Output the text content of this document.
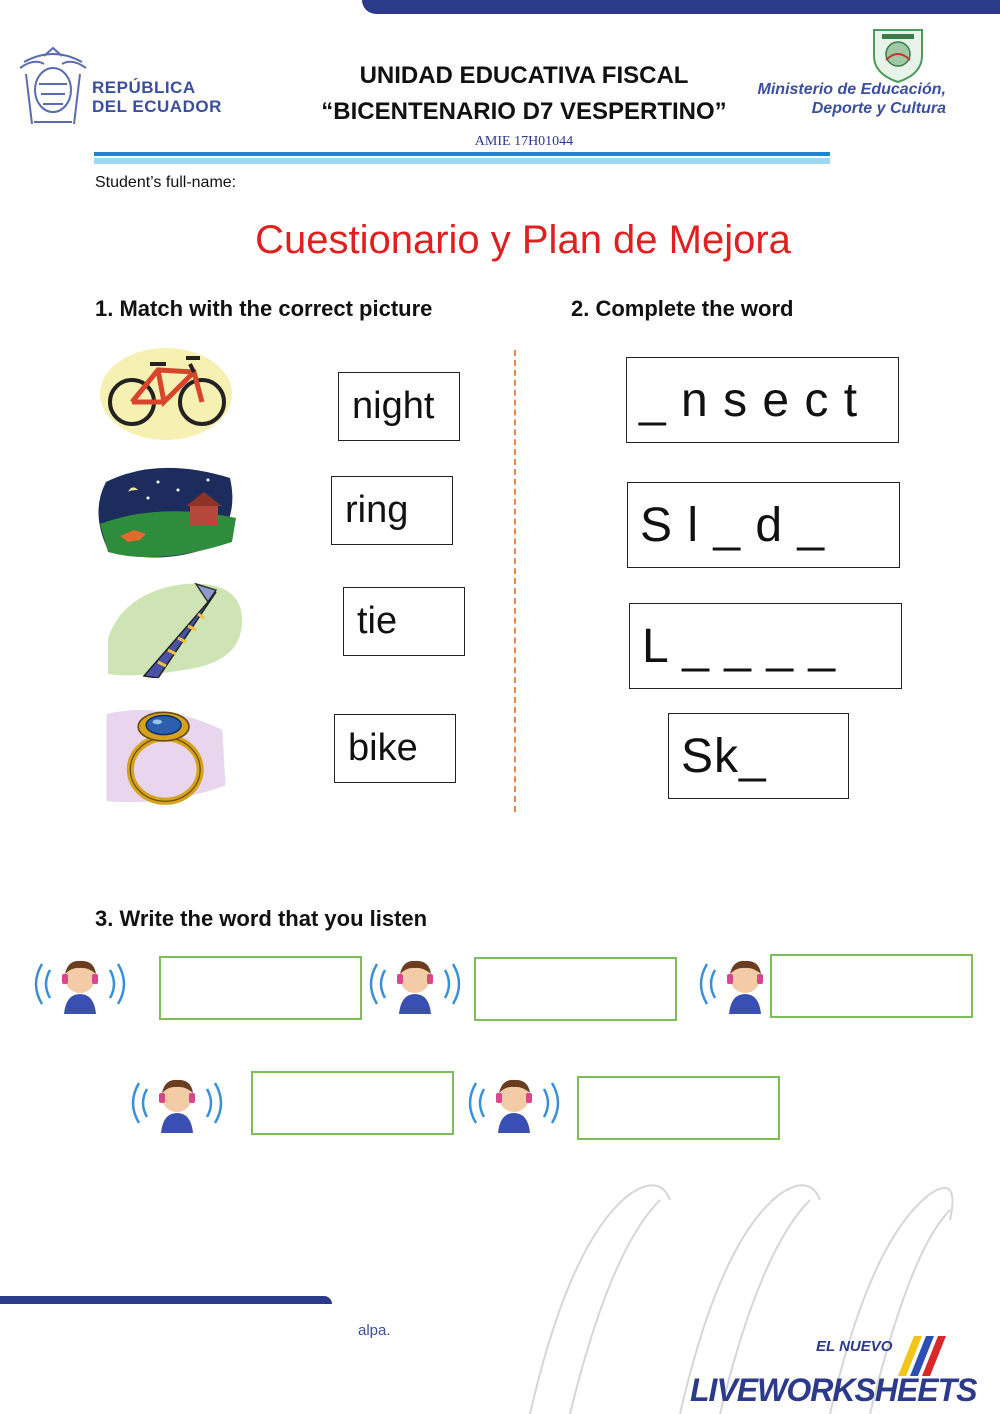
REPÚBLICA
DEL ECUADOR
UNIDAD EDUCATIVA FISCAL
“BICENTENARIO D7 VESPERTINO”
AMIE 17H01044
Ministerio de Educación,
Deporte y Cultura
Student’s full-name:
Cuestionario y Plan de Mejora
1. Match with the correct picture
night
ring
tie
bike
2. Complete the word
_ n s e c t
S l _ d _
L _ _ _ _
Sk_
3. Write the word that you listen
alpa.
EL NUEVO
LIVEWORKSHEETS
